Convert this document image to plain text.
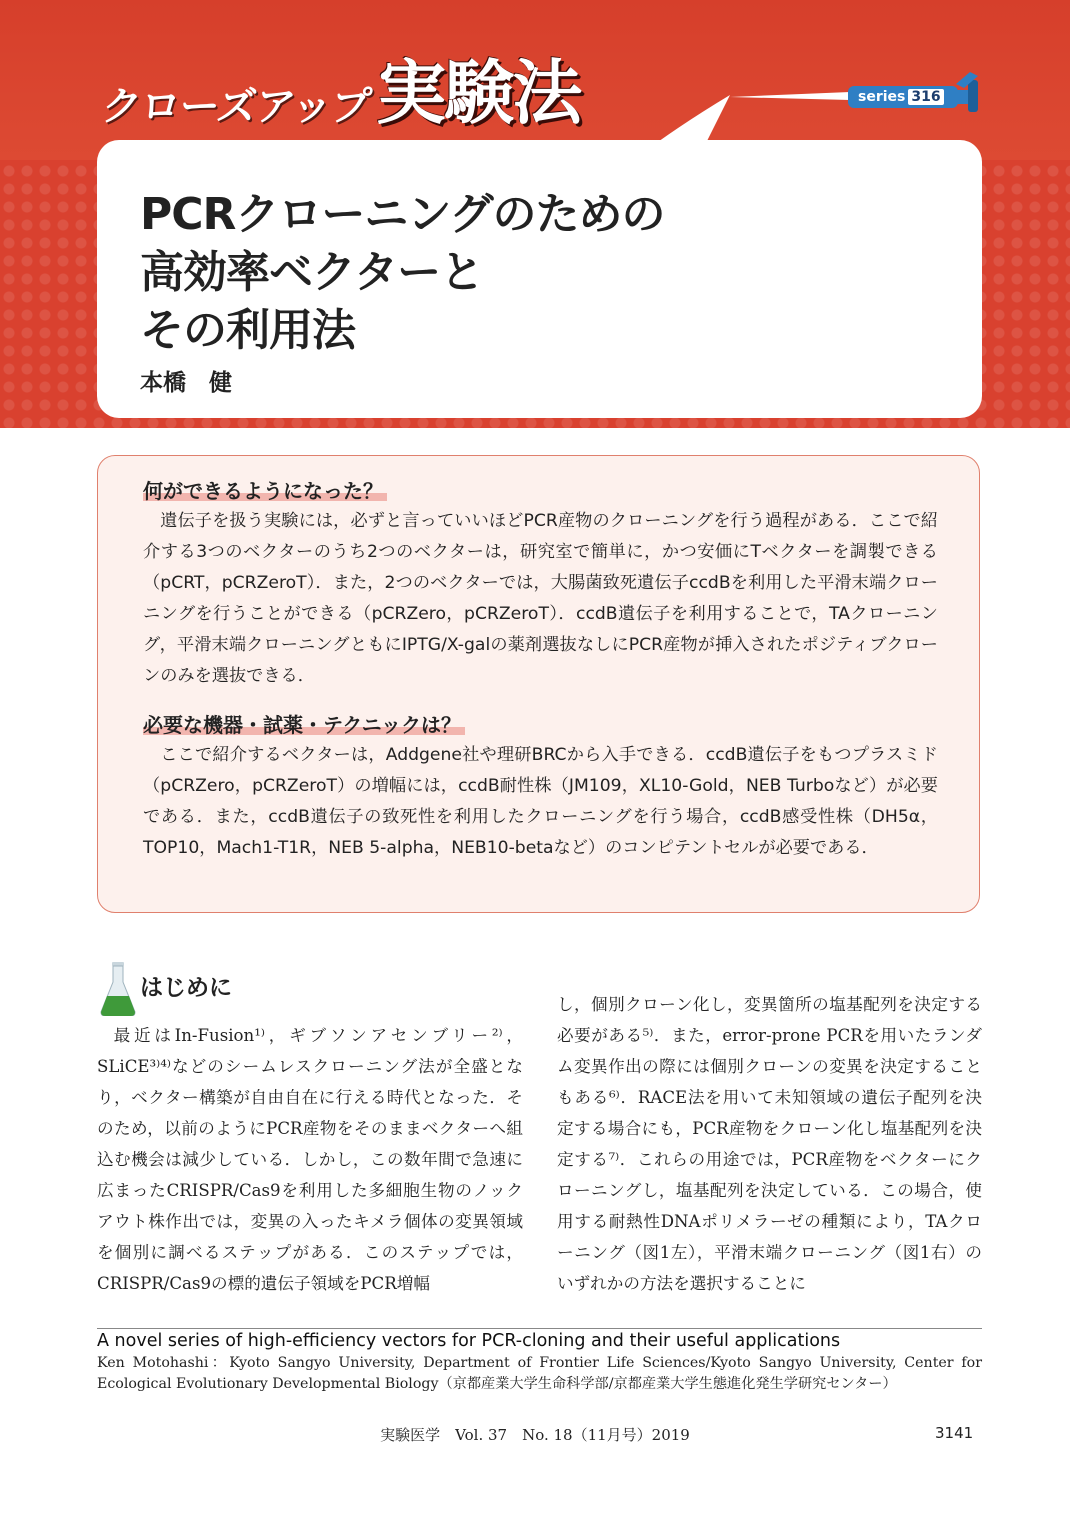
クローズアップ 実験法	series 316
PCRクローニングのための
高効率ベクターと
その利用法

本橋　健

何ができるようになった？

遺伝子を扱う実験には，必ずと言っていいほどPCR産物のクローニングを行う過程がある．ここで紹介する3つのベクターのうち2つのベクターは，研究室で簡単に，かつ安価にTベクターを調製できる（pCRT，pCRZeroT）．また，2つのベクターでは，大腸菌致死遺伝子ccdBを利用した平滑末端クローニングを行うことができる（pCRZero，pCRZeroT）．ccdB遺伝子を利用することで，TAクローニング，平滑末端クローニングともにIPTG/X-galの薬剤選抜なしにPCR産物が挿入されたポジティブクローンのみを選抜できる．

必要な機器・試薬・テクニックは？

ここで紹介するベクターは，Addgene社や理研BRCから入手できる．ccdB遺伝子をもつプラスミド（pCRZero，pCRZeroT）の増幅には，ccdB耐性株（JM109，XL10-Gold，NEB Turboなど）が必要である．また，ccdB遺伝子の致死性を利用したクローニングを行う場合，ccdB感受性株（DH5α，TOP10，Mach1-T1R，NEB 5-alpha，NEB10-betaなど）のコンピテントセルが必要である．

はじめに

最近はIn-Fusion¹⁾，ギブソンアセンブリー²⁾，SLiCE³⁾⁴⁾などのシームレスクローニング法が全盛となり，ベクター構築が自由自在に行える時代となった．そのため，以前のようにPCR産物をそのままベクターへ組込む機会は減少している．しかし，この数年間で急速に広まったCRISPR/Cas9を利用した多細胞生物のノックアウト株作出では，変異の入ったキメラ個体の変異領域を個別に調べるステップがある．このステップでは，CRISPR/Cas9の標的遺伝子領域をPCR増幅

し，個別クローン化し，変異箇所の塩基配列を決定する必要がある⁵⁾．また，error-prone PCRを用いたランダム変異作出の際には個別クローンの変異を決定することもある⁶⁾．RACE法を用いて未知領域の遺伝子配列を決定する場合にも，PCR産物をクローン化し塩基配列を決定する⁷⁾．これらの用途では，PCR産物をベクターにクローニングし，塩基配列を決定している．この場合，使用する耐熱性DNAポリメラーゼの種類により，TAクローニング（図1左），平滑末端クローニング（図1右）のいずれかの方法を選択することに

A novel series of high-efficiency vectors for PCR-cloning and their useful applications

Ken Motohashi：Kyoto Sangyo University, Department of Frontier Life Sciences/Kyoto Sangyo University, Center for Ecological Evolutionary Developmental Biology（京都産業大学生命科学部/京都産業大学生態進化発生学研究センター）

実験医学　Vol. 37　No. 18（11月号）2019	3141
